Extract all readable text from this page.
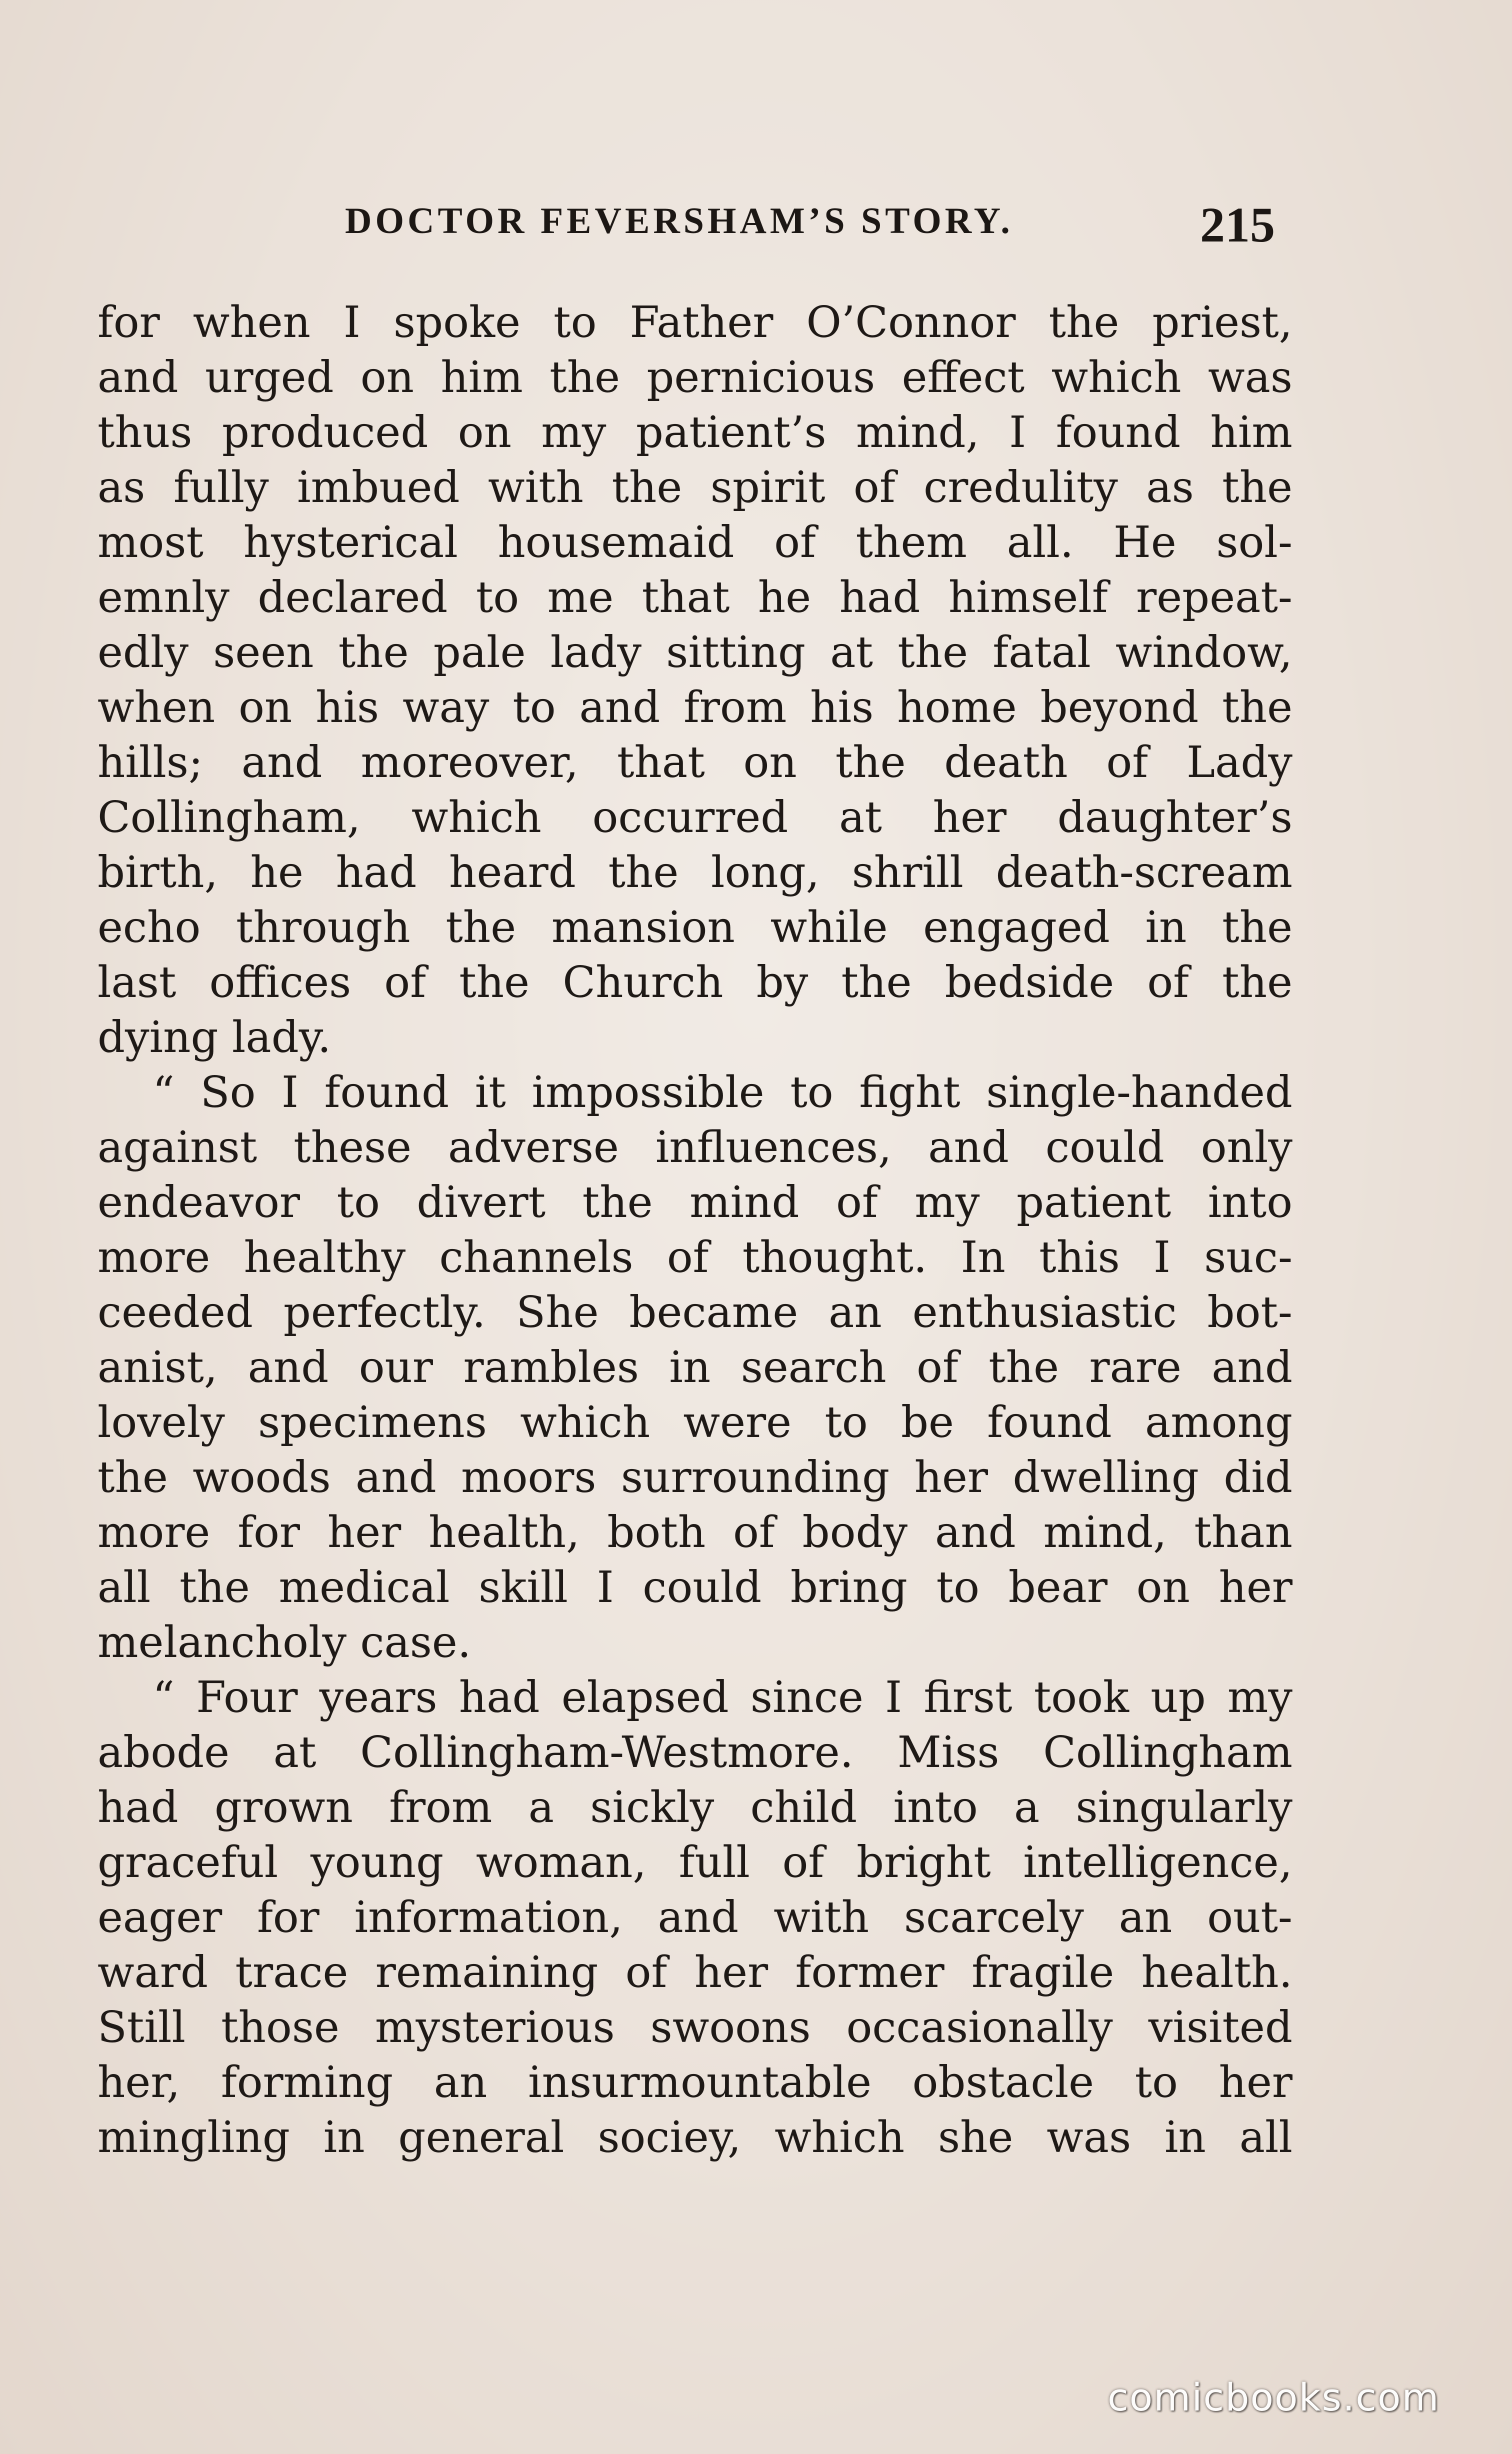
DOCTOR FEVERSHAM’S STORY.	215
for when I spoke to Father O’Connor the priest,
and urged on him the pernicious effect which was
thus produced on my patient’s mind, I found him
as fully imbued with the spirit of credulity as the
most hysterical housemaid of them all. He sol-
emnly declared to me that he had himself repeat-
edly seen the pale lady sitting at the fatal window,
when on his way to and from his home beyond the
hills; and moreover, that on the death of Lady
Collingham, which occurred at her daughter’s
birth, he had heard the long, shrill death-scream
echo through the mansion while engaged in the
last offices of the Church by the bedside of the
dying lady.
“ So I found it impossible to fight single-handed
against these adverse influences, and could only
endeavor to divert the mind of my patient into
more healthy channels of thought. In this I suc-
ceeded perfectly. She became an enthusiastic bot-
anist, and our rambles in search of the rare and
lovely specimens which were to be found among
the woods and moors surrounding her dwelling did
more for her health, both of body and mind, than
all the medical skill I could bring to bear on her
melancholy case.
“ Four years had elapsed since I first took up my
abode at Collingham-Westmore. Miss Collingham
had grown from a sickly child into a singularly
graceful young woman, full of bright intelligence,
eager for information, and with scarcely an out-
ward trace remaining of her former fragile health.
Still those mysterious swoons occasionally visited
her, forming an insurmountable obstacle to her
mingling in general sociey, which she was in all
comicbooks.com
